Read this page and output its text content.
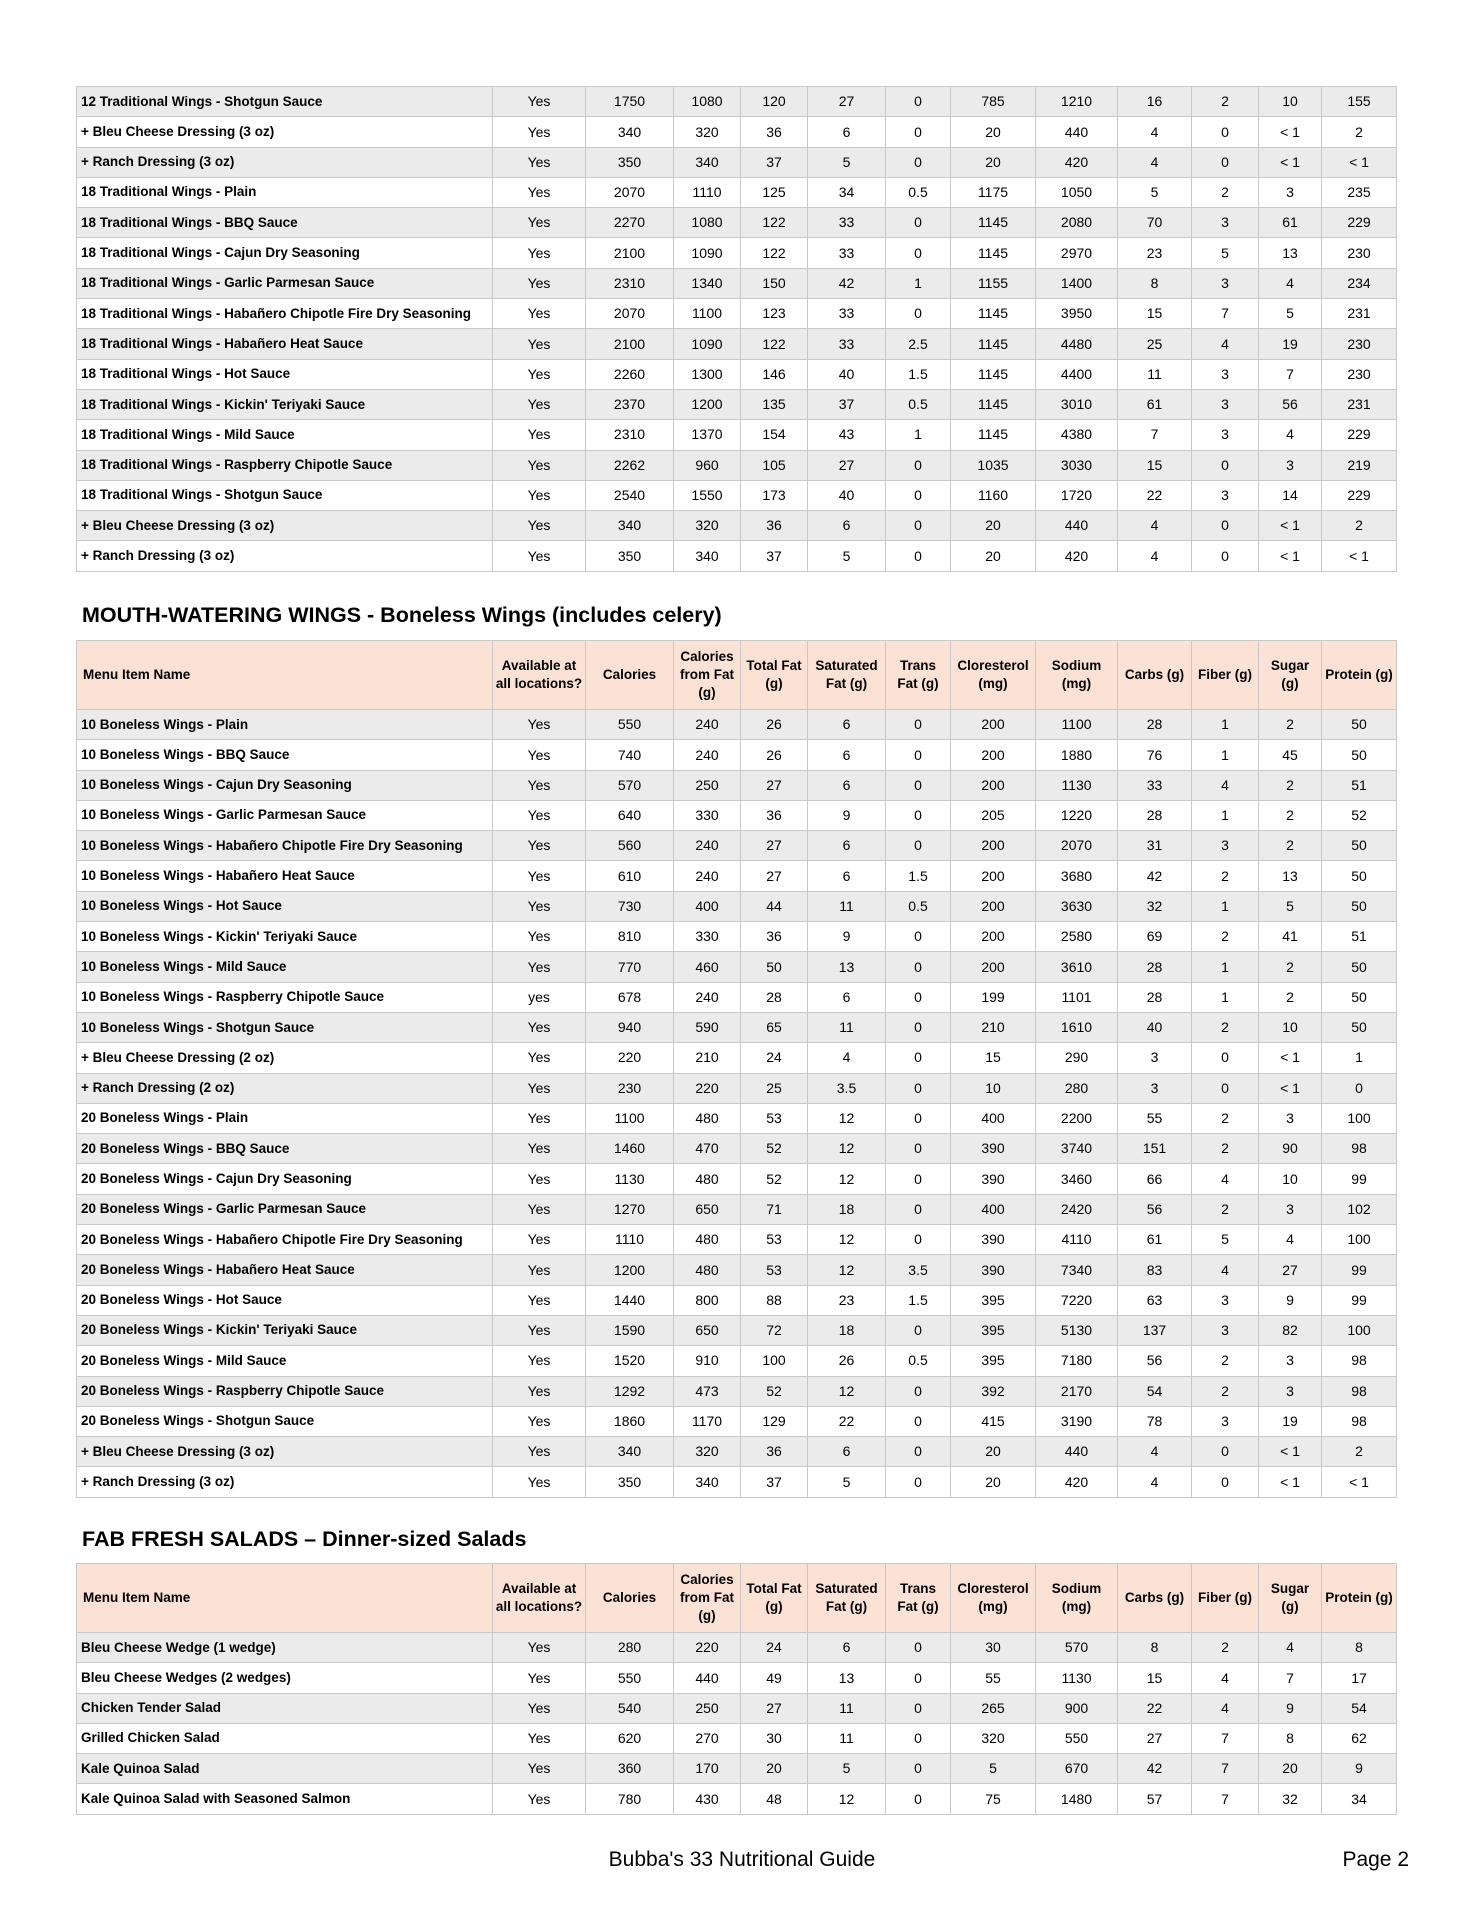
12 Traditional Wings - Shotgun Sauce	Yes	1750	1080	120	27	0	785	1210	16	2	10	155
+ Bleu Cheese Dressing (3 oz)	Yes	340	320	36	6	0	20	440	4	0	< 1	2
+ Ranch Dressing (3 oz)	Yes	350	340	37	5	0	20	420	4	0	< 1	< 1
18 Traditional Wings - Plain	Yes	2070	1110	125	34	0.5	1175	1050	5	2	3	235
18 Traditional Wings - BBQ Sauce	Yes	2270	1080	122	33	0	1145	2080	70	3	61	229
18 Traditional Wings - Cajun Dry Seasoning	Yes	2100	1090	122	33	0	1145	2970	23	5	13	230
18 Traditional Wings - Garlic Parmesan Sauce	Yes	2310	1340	150	42	1	1155	1400	8	3	4	234
18 Traditional Wings - Habañero Chipotle Fire Dry Seasoning	Yes	2070	1100	123	33	0	1145	3950	15	7	5	231
18 Traditional Wings - Habañero Heat Sauce	Yes	2100	1090	122	33	2.5	1145	4480	25	4	19	230
18 Traditional Wings - Hot Sauce	Yes	2260	1300	146	40	1.5	1145	4400	11	3	7	230
18 Traditional Wings - Kickin' Teriyaki Sauce	Yes	2370	1200	135	37	0.5	1145	3010	61	3	56	231
18 Traditional Wings - Mild Sauce	Yes	2310	1370	154	43	1	1145	4380	7	3	4	229
18 Traditional Wings - Raspberry Chipotle Sauce	Yes	2262	960	105	27	0	1035	3030	15	0	3	219
18 Traditional Wings - Shotgun Sauce	Yes	2540	1550	173	40	0	1160	1720	22	3	14	229
+ Bleu Cheese Dressing (3 oz)	Yes	340	320	36	6	0	20	440	4	0	< 1	2
+ Ranch Dressing (3 oz)	Yes	350	340	37	5	0	20	420	4	0	< 1	< 1
MOUTH-WATERING WINGS - Boneless Wings (includes celery)
Menu Item Name	Available at all locations?	Calories	Calories from Fat (g)	Total Fat (g)	Saturated Fat (g)	Trans Fat (g)	Cloresterol (mg)	Sodium (mg)	Carbs (g)	Fiber (g)	Sugar (g)	Protein (g)
10 Boneless Wings - Plain	Yes	550	240	26	6	0	200	1100	28	1	2	50
10 Boneless Wings - BBQ Sauce	Yes	740	240	26	6	0	200	1880	76	1	45	50
10 Boneless Wings - Cajun Dry Seasoning	Yes	570	250	27	6	0	200	1130	33	4	2	51
10 Boneless Wings - Garlic Parmesan Sauce	Yes	640	330	36	9	0	205	1220	28	1	2	52
10 Boneless Wings - Habañero Chipotle Fire Dry Seasoning	Yes	560	240	27	6	0	200	2070	31	3	2	50
10 Boneless Wings - Habañero Heat Sauce	Yes	610	240	27	6	1.5	200	3680	42	2	13	50
10 Boneless Wings - Hot Sauce	Yes	730	400	44	11	0.5	200	3630	32	1	5	50
10 Boneless Wings - Kickin' Teriyaki Sauce	Yes	810	330	36	9	0	200	2580	69	2	41	51
10 Boneless Wings - Mild Sauce	Yes	770	460	50	13	0	200	3610	28	1	2	50
10 Boneless Wings - Raspberry Chipotle Sauce	yes	678	240	28	6	0	199	1101	28	1	2	50
10 Boneless Wings - Shotgun Sauce	Yes	940	590	65	11	0	210	1610	40	2	10	50
+ Bleu Cheese Dressing (2 oz)	Yes	220	210	24	4	0	15	290	3	0	< 1	1
+ Ranch Dressing (2 oz)	Yes	230	220	25	3.5	0	10	280	3	0	< 1	0
20 Boneless Wings - Plain	Yes	1100	480	53	12	0	400	2200	55	2	3	100
20 Boneless Wings - BBQ Sauce	Yes	1460	470	52	12	0	390	3740	151	2	90	98
20 Boneless Wings - Cajun Dry Seasoning	Yes	1130	480	52	12	0	390	3460	66	4	10	99
20 Boneless Wings - Garlic Parmesan Sauce	Yes	1270	650	71	18	0	400	2420	56	2	3	102
20 Boneless Wings - Habañero Chipotle Fire Dry Seasoning	Yes	1110	480	53	12	0	390	4110	61	5	4	100
20 Boneless Wings - Habañero Heat Sauce	Yes	1200	480	53	12	3.5	390	7340	83	4	27	99
20 Boneless Wings - Hot Sauce	Yes	1440	800	88	23	1.5	395	7220	63	3	9	99
20 Boneless Wings - Kickin' Teriyaki Sauce	Yes	1590	650	72	18	0	395	5130	137	3	82	100
20 Boneless Wings - Mild Sauce	Yes	1520	910	100	26	0.5	395	7180	56	2	3	98
20 Boneless Wings - Raspberry Chipotle Sauce	Yes	1292	473	52	12	0	392	2170	54	2	3	98
20 Boneless Wings - Shotgun Sauce	Yes	1860	1170	129	22	0	415	3190	78	3	19	98
+ Bleu Cheese Dressing (3 oz)	Yes	340	320	36	6	0	20	440	4	0	< 1	2
+ Ranch Dressing (3 oz)	Yes	350	340	37	5	0	20	420	4	0	< 1	< 1
FAB FRESH SALADS – Dinner-sized Salads
Menu Item Name	Available at all locations?	Calories	Calories from Fat (g)	Total Fat (g)	Saturated Fat (g)	Trans Fat (g)	Cloresterol (mg)	Sodium (mg)	Carbs (g)	Fiber (g)	Sugar (g)	Protein (g)
Bleu Cheese Wedge (1 wedge)	Yes	280	220	24	6	0	30	570	8	2	4	8
Bleu Cheese Wedges (2 wedges)	Yes	550	440	49	13	0	55	1130	15	4	7	17
Chicken Tender Salad	Yes	540	250	27	11	0	265	900	22	4	9	54
Grilled Chicken Salad	Yes	620	270	30	11	0	320	550	27	7	8	62
Kale Quinoa Salad	Yes	360	170	20	5	0	5	670	42	7	20	9
Kale Quinoa Salad with Seasoned Salmon	Yes	780	430	48	12	0	75	1480	57	7	32	34
Bubba's 33 Nutritional Guide	Page 2
